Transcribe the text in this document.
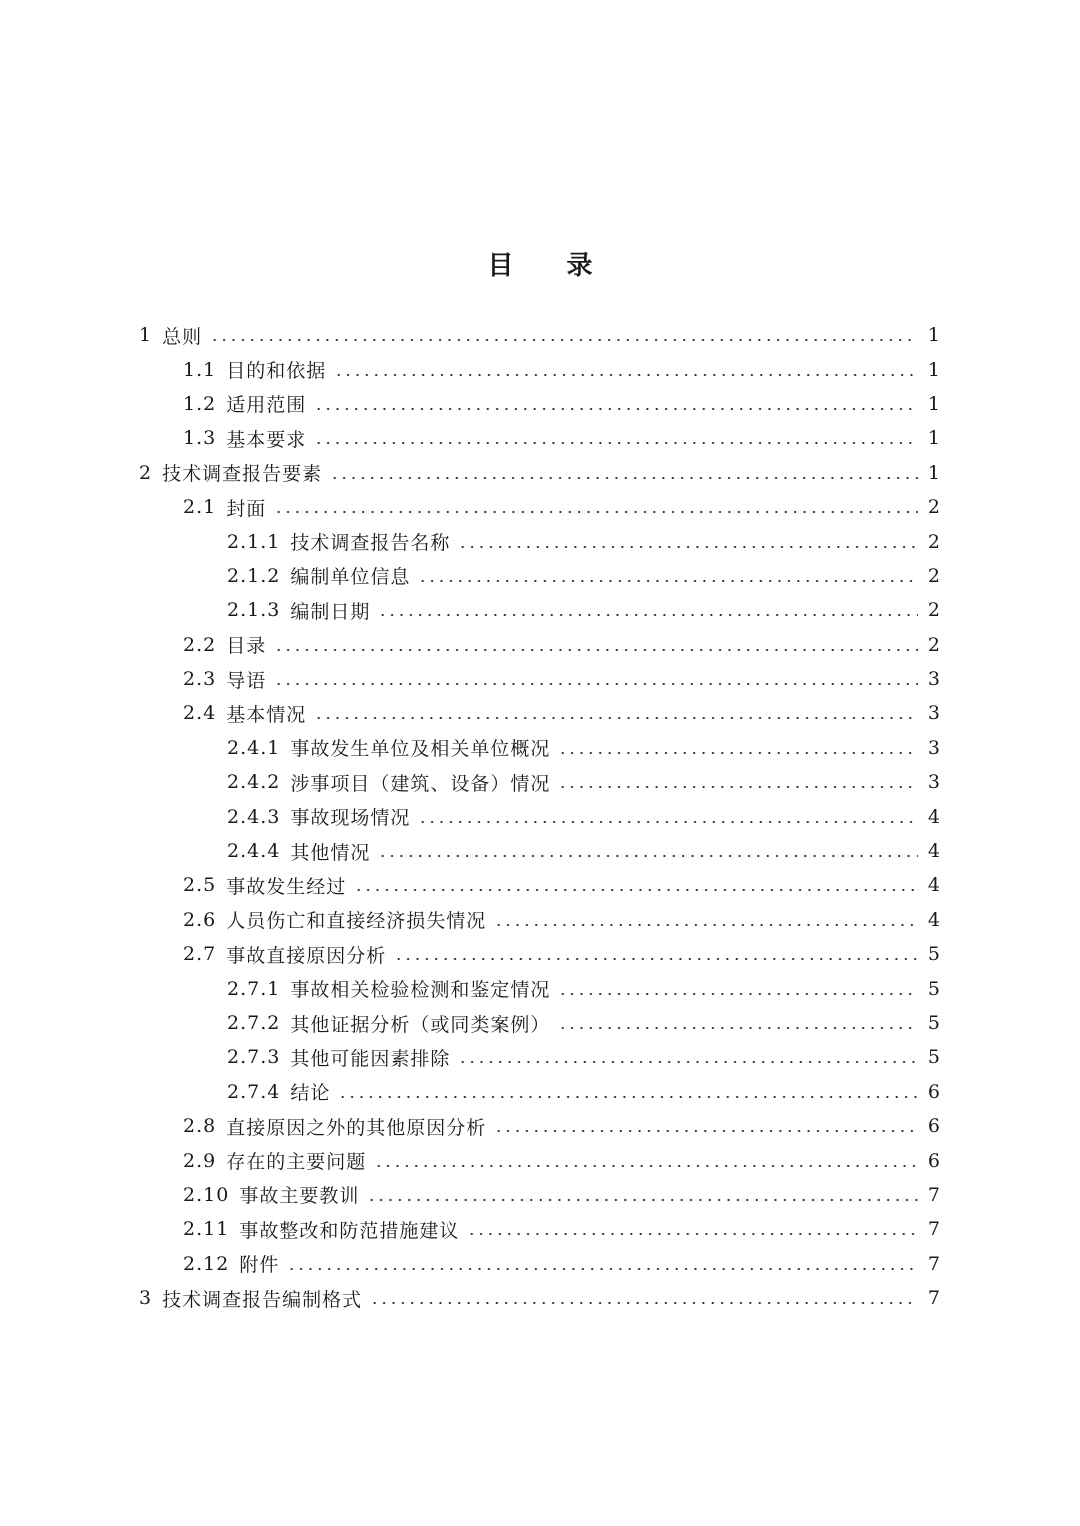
目 录
1 总则	1
1.1 目的和依据	1
1.2 适用范围	1
1.3 基本要求	1
2 技术调查报告要素	1
2.1 封面	2
2.1.1 技术调查报告名称	2
2.1.2 编制单位信息	2
2.1.3 编制日期	2
2.2 目录	2
2.3 导语	3
2.4 基本情况	3
2.4.1 事故发生单位及相关单位概况	3
2.4.2 涉事项目（建筑、设备）情况	3
2.4.3 事故现场情况	4
2.4.4 其他情况	4
2.5 事故发生经过	4
2.6 人员伤亡和直接经济损失情况	4
2.7 事故直接原因分析	5
2.7.1 事故相关检验检测和鉴定情况	5
2.7.2 其他证据分析（或同类案例）	5
2.7.3 其他可能因素排除	5
2.7.4 结论	6
2.8 直接原因之外的其他原因分析	6
2.9 存在的主要问题	6
2.10 事故主要教训	7
2.11 事故整改和防范措施建议	7
2.12 附件	7
3 技术调查报告编制格式	7
